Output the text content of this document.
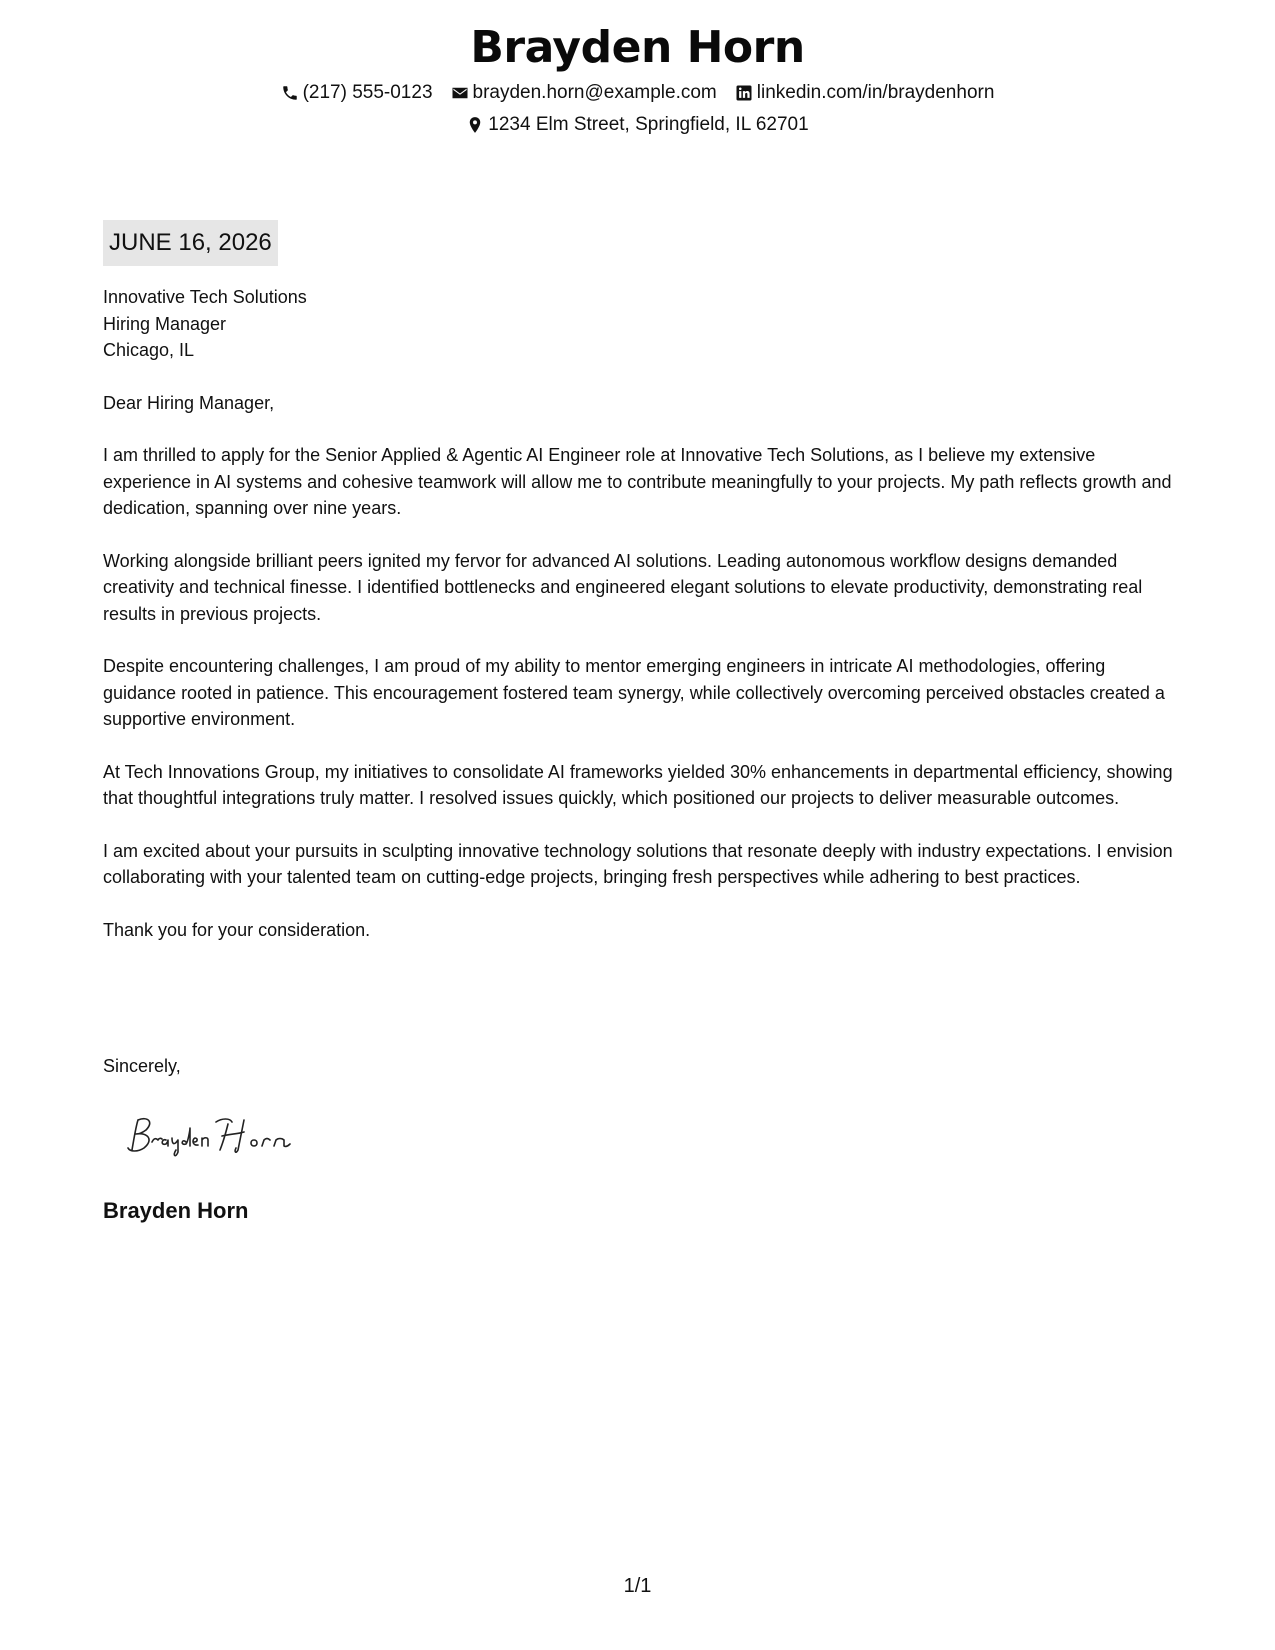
Brayden Horn
(217) 555-0123 brayden.horn@example.com linkedin.com/in/braydenhorn
1234 Elm Street, Springfield, IL 62701
JUNE 16, 2026
Innovative Tech Solutions
Hiring Manager
Chicago, IL

Dear Hiring Manager,

I am thrilled to apply for the Senior Applied & Agentic AI Engineer role at Innovative Tech Solutions, as I believe my extensive experience in AI systems and cohesive teamwork will allow me to contribute meaningfully to your projects. My path reflects growth and dedication, spanning over nine years.

Working alongside brilliant peers ignited my fervor for advanced AI solutions. Leading autonomous workflow designs demanded creativity and technical finesse. I identified bottlenecks and engineered elegant solutions to elevate productivity, demonstrating real results in previous projects.

Despite encountering challenges, I am proud of my ability to mentor emerging engineers in intricate AI methodologies, offering guidance rooted in patience. This encouragement fostered team synergy, while collectively overcoming perceived obstacles created a supportive environment.

At Tech Innovations Group, my initiatives to consolidate AI frameworks yielded 30% enhancements in departmental efficiency, showing that thoughtful integrations truly matter. I resolved issues quickly, which positioned our projects to deliver measurable outcomes.

I am excited about your pursuits in sculpting innovative technology solutions that resonate deeply with industry expectations. I envision collaborating with your talented team on cutting-edge projects, bringing fresh perspectives while adhering to best practices.

Thank you for your consideration.

Sincerely,
Brayden Horn
1/1
